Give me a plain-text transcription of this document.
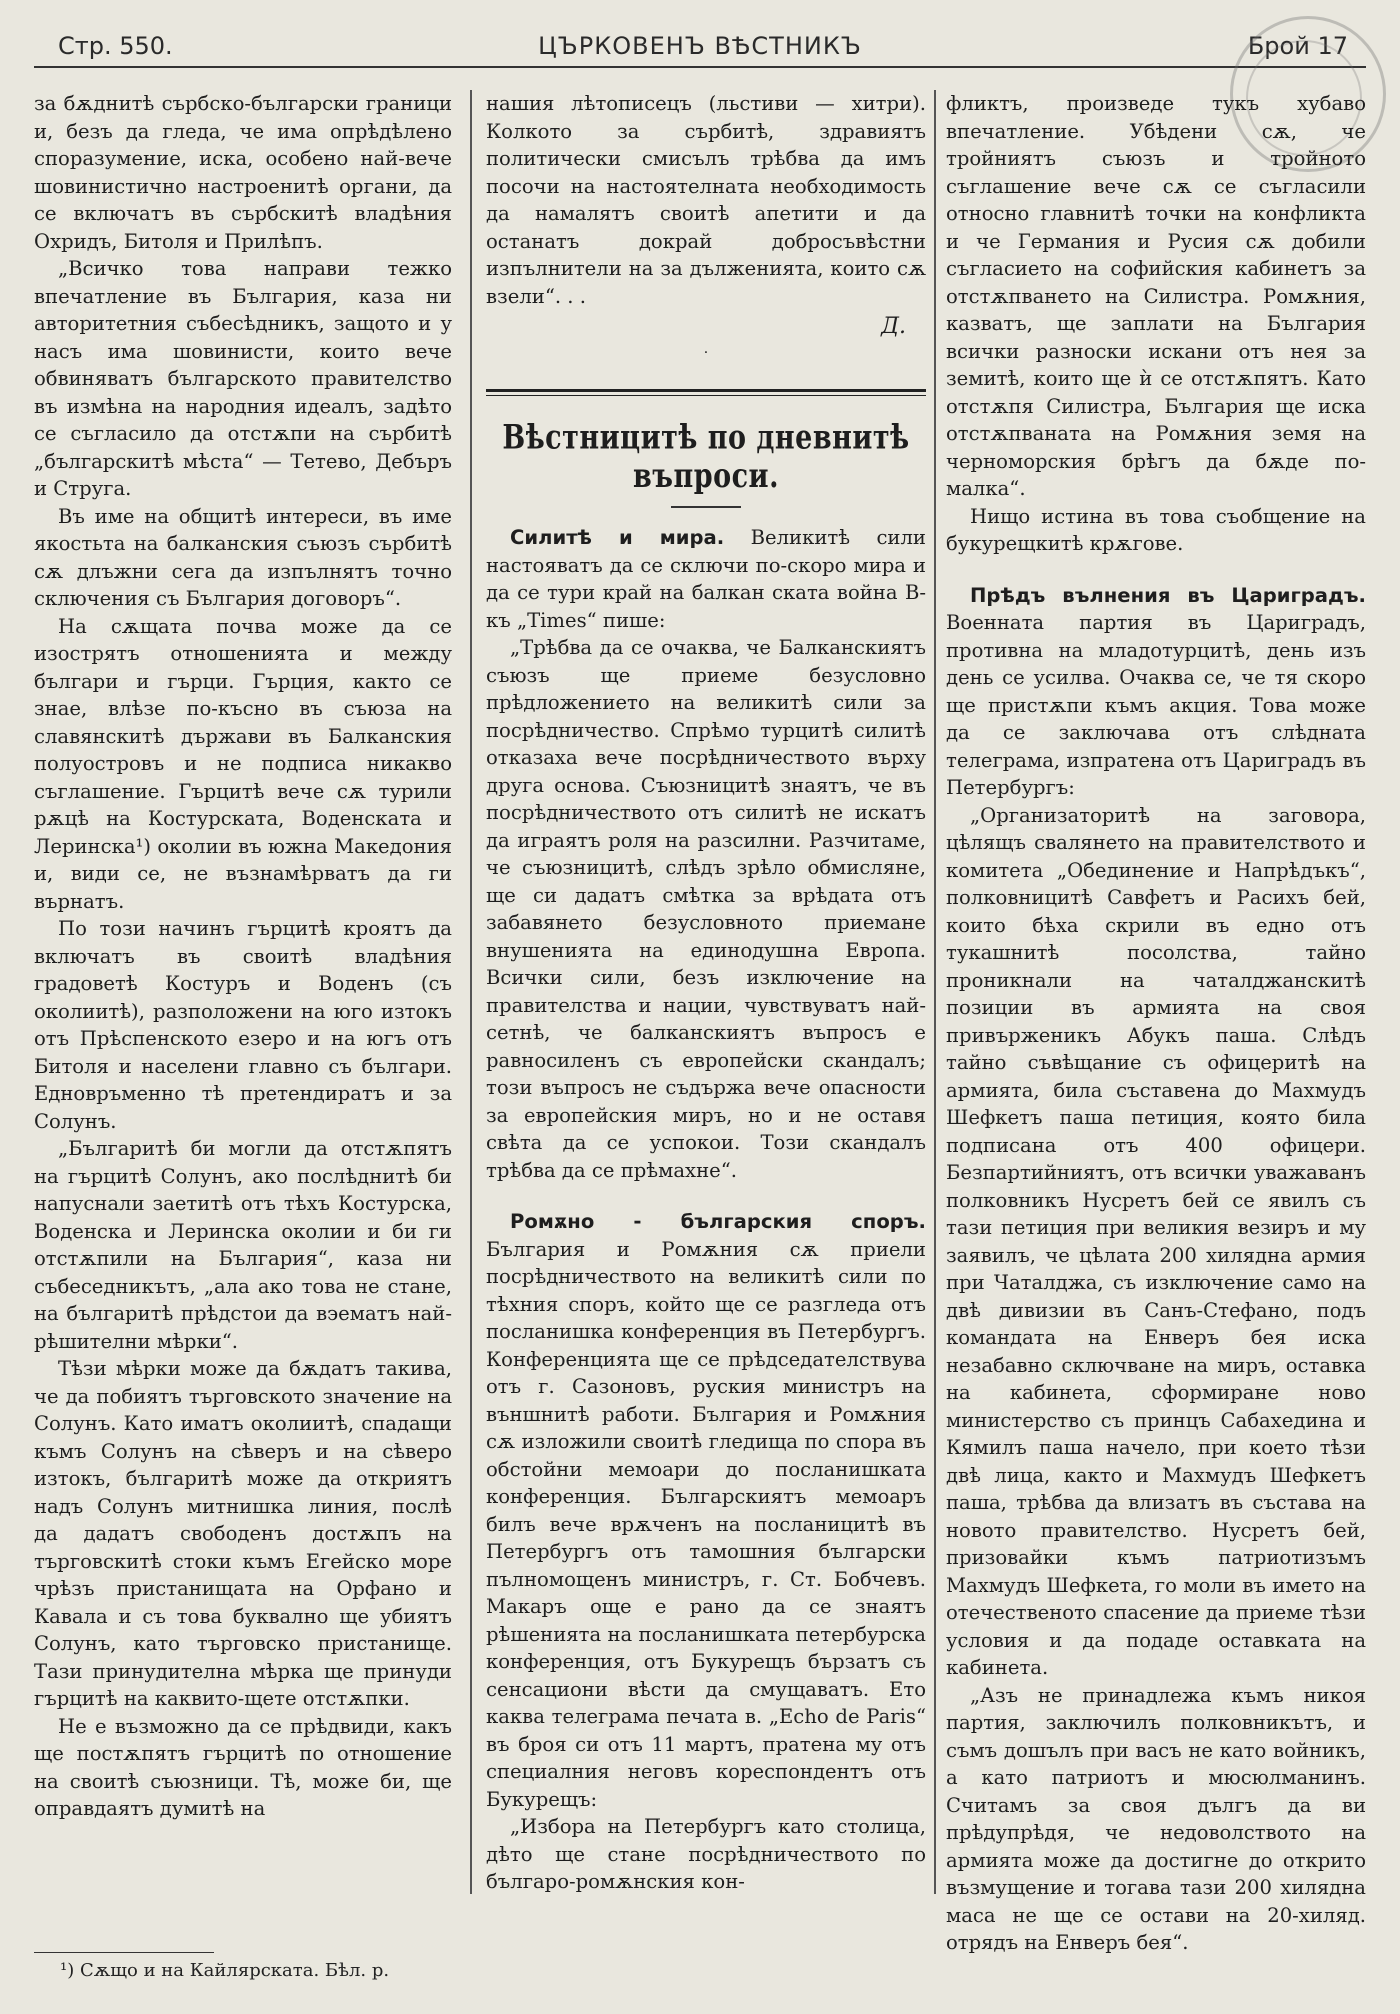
Стр. 550.	ЦЪРКОВЕНЪ ВѢСТНИКЪ	Брой 17

за бѫднитѣ сърбско-български граници и, безъ да гледа, че има опрѣдѣлено споразумение, иска, особено най-вече шовинистично настроенитѣ органи, да се включатъ въ сърбскитѣ владѣния Охридъ, Битоля и Прилѣпъ.

„Всичко това направи тежко впечатление въ България, каза ни авторитетния събесѣдникъ, защото и у насъ има шовинисти, които вече обвиняватъ българското правителство въ измѣна на народния идеалъ, задѣто се съгласило да отстѫпи на сърбитѣ „българскитѣ мѣста“ — Тетево, Дебъръ и Струга.

Въ име на общитѣ интереси, въ име якостьта на балканския съюзъ сърбитѣ сѫ длъжни сега да изпълнятъ точно сключения съ България договоръ“.

На сѫщата почва може да се изострятъ отношенията и между българи и гърци. Гърция, както се знае, влѣзе по-късно въ съюза на славянскитѣ държави въ Балканския полуостровъ и не подписа никакво съглашение. Гърцитѣ вече сѫ турили рѫцѣ на Костурската, Воденската и Леринска¹) околии въ южна Македония и, види се, не възнамѣрватъ да ги върнатъ.

По този начинъ гърцитѣ кроятъ да включатъ въ своитѣ владѣния градоветѣ Костуръ и Воденъ (съ околиитѣ), разположени на юго изтокъ отъ Прѣспенското езеро и на югъ отъ Битоля и населени главно съ българи. Едновръменно тѣ претендиратъ и за Солунъ.

„Българитѣ би могли да отстѫпятъ на гърцитѣ Солунъ, ако послѣднитѣ би напуснали заетитѣ отъ тѣхъ Костурска, Воденска и Леринска околии и би ги отстѫпили на България“, каза ни събеседникътъ, „ала ако това не стане, на българитѣ прѣдстои да вэематъ най-рѣшителни мѣрки“.

Тѣзи мѣрки може да бѫдатъ такива, че да побиятъ търговското значение на Солунъ. Като иматъ околиитѣ, спадащи къмъ Солунъ на сѣверъ и на сѣверо изтокъ, българитѣ може да откриятъ надъ Солунъ митнишка линия, послѣ да дадатъ свободенъ достѫпъ на търговскитѣ стоки къмъ Егейско море чрѣзъ пристанищата на Орфано и Кавала и съ това буквално ще убиятъ Солунъ, като търговско пристанище. Тази принудителна мѣрка ще принуди гърцитѣ на каквито-щете отстѫпки.

Не е възможно да се прѣдвиди, какъ ще постѫпятъ гърцитѣ по отношение на своитѣ съюзници. Тѣ, може би, ще оправдаятъ думитѣ на

нашия лѣтописецъ (льстиви — хитри). Колкото за сърбитѣ, здравиятъ политически смисълъ трѣбва да имъ посочи на настоятелната необходимость да намалятъ своитѣ апетити и да останатъ докрай добросъвѣстни изпълнители на за дълженията, които сѫ взели“. . .

Д.
·
Вѣстницитѣ по дневнитѣ въпроси.

Силитѣ и мира. Великитѣ сили настояватъ да се сключи по-скоро мира и да се тури край на балкан ската война В-къ „Times“ пише:

„Трѣбва да се очаква, че Балканскиятъ съюзъ ще приеме безусловно прѣдложението на великитѣ сили за посрѣдничество. Спрѣмо турцитѣ силитѣ отказаха вече посрѣдничеството върху друга основа. Съюзницитѣ знаятъ, че въ посрѣдничеството отъ силитѣ не искатъ да играятъ роля на разсилни. Разчитаме, че съюзницитѣ, слѣдъ зрѣло обмисляне, ще си дадатъ смѣтка за врѣдата отъ забавянето безусловното приемане внушенията на единодушна Европа. Всички сили, безъ изключение на правителства и нации, чувствуватъ най-сетнѣ, че балканскиятъ въпросъ е равносиленъ съ европейски скандалъ; този въпросъ не съдържа вече опасности за европейския миръ, но и не оставя свѣта да се успокои. Този скандалъ трѣбва да се прѣмахне“.

Ромѫно - българския споръ. България и Ромѫния сѫ приели посрѣдничеството на великитѣ сили по тѣхния споръ, който ще се разгледа отъ посланишка конференция въ Петербургъ. Конференцията ще се прѣдседателствува отъ г. Сазоновъ, руския министръ на външнитѣ работи. България и Ромѫния сѫ изложили своитѣ гледища по спора въ обстойни мемоари до посланишката конференция. Българскиятъ мемоаръ билъ вече врѫченъ на посланицитѣ въ Петербургъ отъ тамошния български пълномощенъ министръ, г. Ст. Бобчевъ. Макаръ още е рано да се знаятъ рѣшенията на посланишката петербурска конференция, отъ Букурещъ бързатъ съ сенсациони вѣсти да смущаватъ. Ето каква телеграма печата в. „Echo de Paris“ въ броя си отъ 11 мартъ, пратена му отъ специалния неговъ кореспондентъ отъ Букурещъ:

„Избора на Петербургъ като столица, дѣто ще стане посрѣдничеството по българо-ромѫнския кон-

фликтъ, произведе тукъ хубаво впечатление. Убѣдени сѫ, че тройниятъ съюзъ и тройното съглашение вече сѫ се съгласили относно главнитѣ точки на конфликта и че Германия и Русия сѫ добили съгласието на софийския кабинетъ за отстѫпването на Силистра. Ромѫния, казватъ, ще заплати на България всички разноски искани отъ нея за земитѣ, които ще ѝ се отстѫпятъ. Като отстѫпя Силистра, България ще иска отстѫпваната на Ромѫния земя на черноморския брѣгъ да бѫде по-малка“.

Нищо истина въ това съобщение на букурещкитѣ крѫгове.

Прѣдъ вълнения въ Цариградъ. Военната партия въ Цариградъ, противна на младотурцитѣ, день изъ день се усилва. Очаква се, че тя скоро ще пристѫпи къмъ акция. Това може да се заключава отъ слѣдната телеграма, изпратена отъ Цариградъ въ Петербургъ:

„Организаторитѣ на заговора, цѣлящъ свалянето на правителството и комитета „Обединение и Напрѣдъкъ“, полковницитѣ Савфетъ и Расихъ бей, които бѣха скрили въ едно отъ тукашнитѣ посолства, тайно проникнали на чаталджанскитѣ позиции въ армията на своя привърженикъ Абукъ паша. Слѣдъ тайно съвѣщание съ офицеритѣ на армията, била съставена до Махмудъ Шефкетъ паша петиция, която била подписана отъ 400 офицери. Безпартийниятъ, отъ всички уважаванъ полковникъ Нусретъ бей се явилъ съ тази петиция при великия везиръ и му заявилъ, че цѣлата 200 хилядна армия при Чаталджа, съ изключение само на двѣ дивизии въ Санъ-Стефано, подъ командата на Енверъ бея иска незабавно сключване на миръ, оставка на кабинета, сформиране ново министерство съ принцъ Сабахедина и Кямилъ паша начело, при което тѣзи двѣ лица, както и Махмудъ Шефкетъ паша, трѣбва да влизатъ въ състава на новото правителство. Нусретъ бей, призовайки къмъ патриотизъмъ Махмудъ Шефкета, го моли въ името на отечественото спасение да приеме тѣзи условия и да подаде оставката на кабинета.

„Азъ не принадлежа къмъ никоя партия, заключилъ полковникътъ, и съмъ дошълъ при васъ не като войникъ, а като патриотъ и мюсюлманинъ. Считамъ за своя дългъ да ви прѣдупрѣдя, че недоволството на армията може да достигне до открито възмущение и тогава тази 200 хилядна маса не ще се остави на 20-хиляд. отрядъ на Енверъ бея“.

¹) Сѫщо и на Кайлярската. Бѣл. р.
